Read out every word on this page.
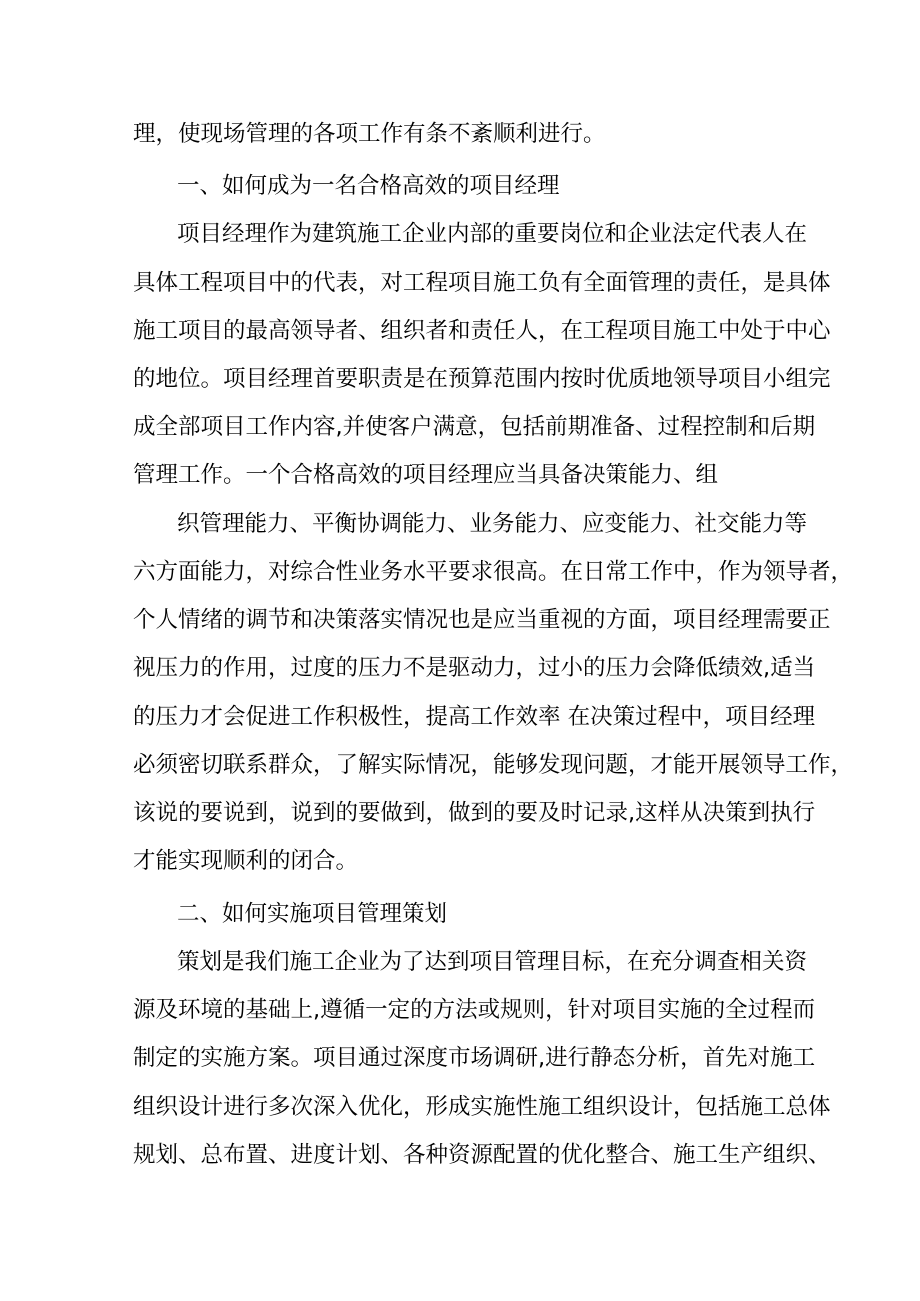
理，使现场管理的各项工作有条不紊顺利进行。
一、如何成为一名合格高效的项目经理
项目经理作为建筑施工企业内部的重要岗位和企业法定代表人在
具体工程项目中的代表，对工程项目施工负有全面管理的责任，是具体
施工项目的最高领导者、组织者和责任人，在工程项目施工中处于中心
的地位。项目经理首要职责是在预算范围内按时优质地领导项目小组完
成全部项目工作内容,并使客户满意，包括前期准备、过程控制和后期
管理工作。一个合格高效的项目经理应当具备决策能力、组
织管理能力、平衡协调能力、业务能力、应变能力、社交能力等
六方面能力，对综合性业务水平要求很高。在日常工作中，作为领导者，
个人情绪的调节和决策落实情况也是应当重视的方面，项目经理需要正
视压力的作用，过度的压力不是驱动力，过小的压力会降低绩效,适当
的压力才会促进工作积极性，提高工作效率 在决策过程中，项目经理
必须密切联系群众，了解实际情况，能够发现问题，才能开展领导工作，
该说的要说到，说到的要做到，做到的要及时记录,这样从决策到执行
才能实现顺利的闭合。
二、如何实施项目管理策划
策划是我们施工企业为了达到项目管理目标，在充分调查相关资
源及环境的基础上,遵循一定的方法或规则，针对项目实施的全过程而
制定的实施方案。项目通过深度市场调研,进行静态分析，首先对施工
组织设计进行多次深入优化，形成实施性施工组织设计，包括施工总体
规划、总布置、进度计划、各种资源配置的优化整合、施工生产组织、
